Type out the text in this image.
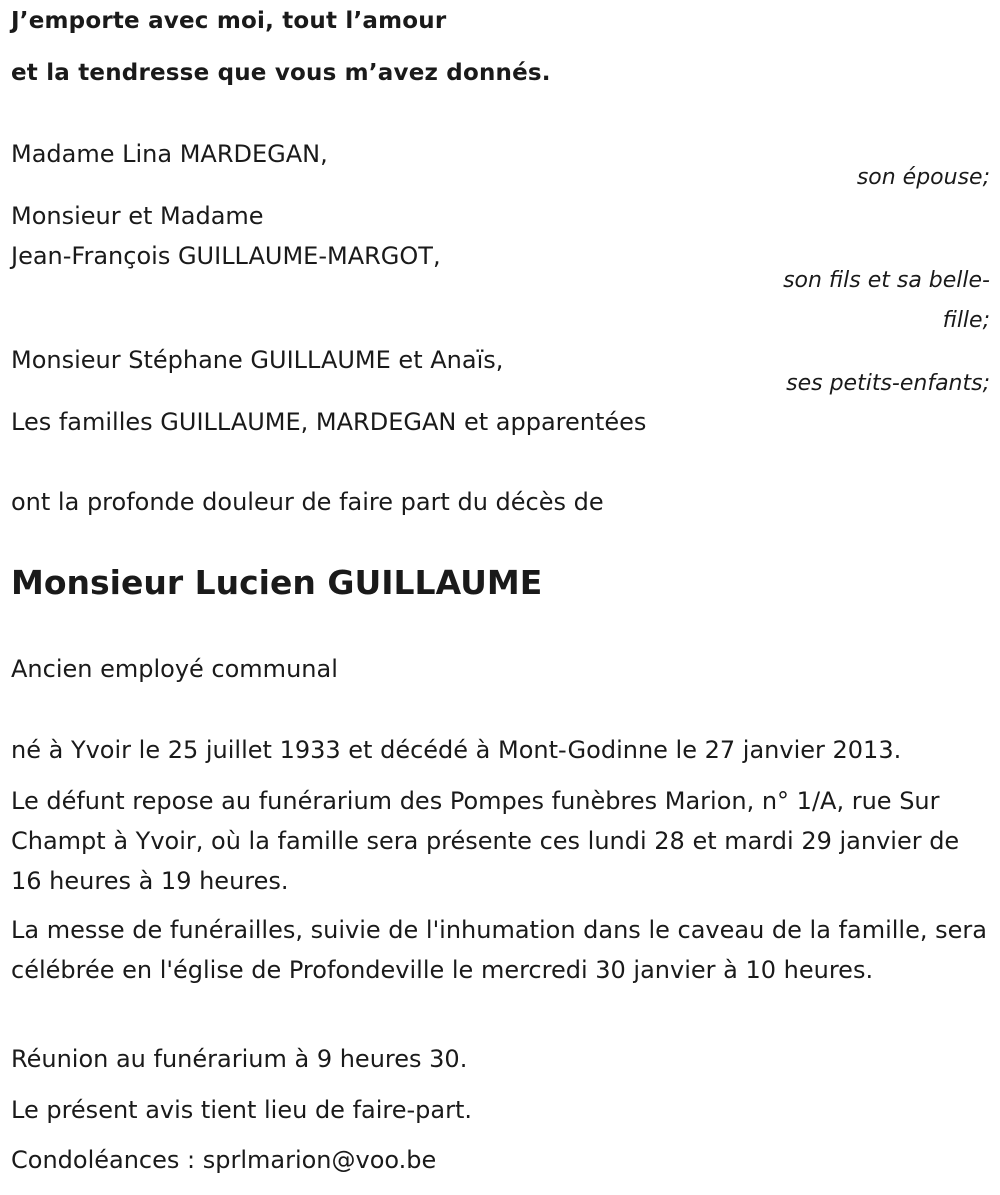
J’emporte avec moi, tout l’amour

et la tendresse que vous m’avez donnés.

Madame Lina MARDEGAN,

son épouse;

Monsieur et Madame

Jean-François GUILLAUME-MARGOT,

son fils et sa belle-

fille;

Monsieur Stéphane GUILLAUME et Anaïs,

ses petits-enfants;

Les familles GUILLAUME, MARDEGAN et apparentées

ont la profonde douleur de faire part du décès de

Monsieur Lucien GUILLAUME

Ancien employé communal

né à Yvoir le 25 juillet 1933 et décédé à Mont-Godinne le 27 janvier 2013.

Le défunt repose au funérarium des Pompes funèbres Marion, n° 1/A, rue Sur Champt à Yvoir, où la famille sera présente ces lundi 28 et mardi 29 janvier de 16 heures à 19 heures.

La messe de funérailles, suivie de l'inhumation dans le caveau de la famille, sera célébrée en l'église de Profondeville le mercredi 30 janvier à 10 heures.

Réunion au funérarium à 9 heures 30.

Le présent avis tient lieu de faire-part.

Condoléances : sprlmarion@voo.be
